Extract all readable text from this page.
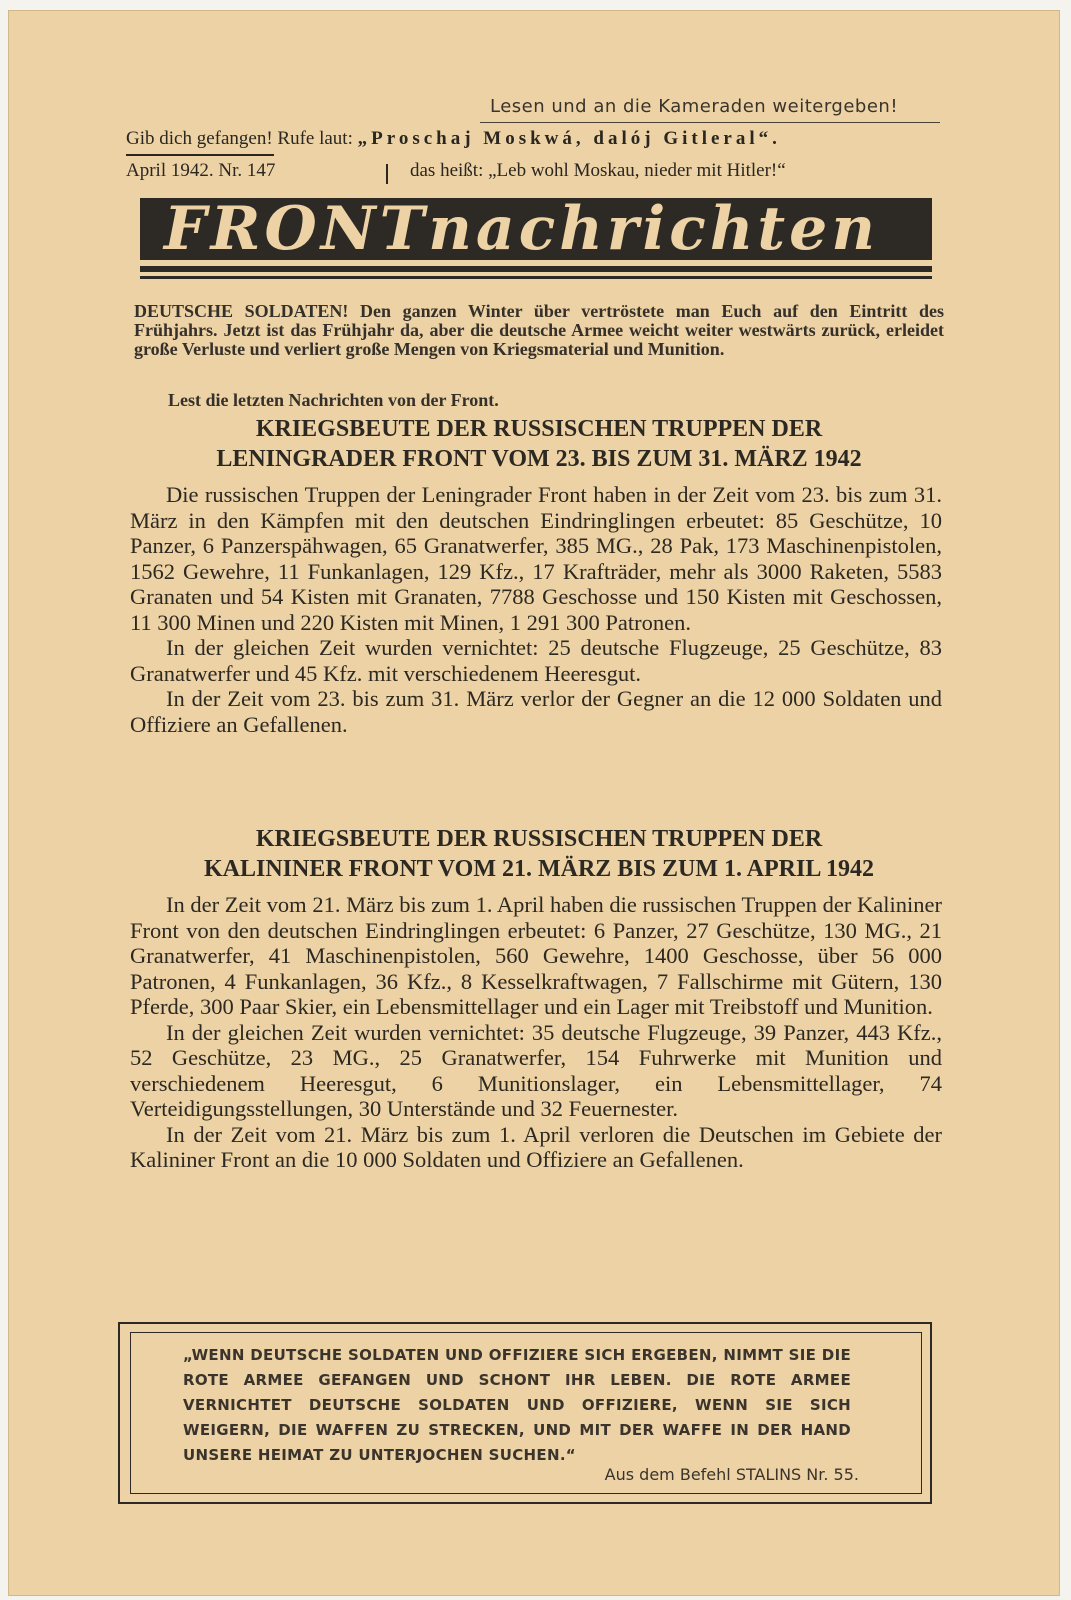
Lesen und an die Kameraden weitergeben!
Gib dich gefangen! Rufe laut: „Proschaj Moskwá, dalój Gitleral“.
April 1942. Nr. 147	das heißt: „Leb wohl Moskau, nieder mit Hitler!“
FRONTnachrichten
DEUTSCHE SOLDATEN! Den ganzen Winter über vertröstete man Euch auf den Eintritt des Frühjahrs. Jetzt ist das Frühjahr da, aber die deutsche Armee weicht weiter westwärts zurück, erleidet große Verluste und verliert große Mengen von Kriegsmaterial und Munition.
Lest die letzten Nachrichten von der Front.
KRIEGSBEUTE DER RUSSISCHEN TRUPPEN DER
LENINGRADER FRONT VOM 23. BIS ZUM 31. MÄRZ 1942

Die russischen Truppen der Leningrader Front haben in der Zeit vom 23. bis zum 31. März in den Kämpfen mit den deutschen Eindringlingen erbeutet: 85 Geschütze, 10 Panzer, 6 Panzerspähwagen, 65 Granatwerfer, 385 MG., 28 Pak, 173 Maschinenpistolen, 1562 Gewehre, 11 Funkanlagen, 129 Kfz., 17 Krafträder, mehr als 3000 Raketen, 5583 Granaten und 54 Kisten mit Granaten, 7788 Geschosse und 150 Kisten mit Geschossen, 11 300 Minen und 220 Kisten mit Minen, 1 291 300 Patronen.

In der gleichen Zeit wurden vernichtet: 25 deutsche Flugzeuge, 25 Geschütze, 83 Granatwerfer und 45 Kfz. mit verschiedenem Heeresgut.

In der Zeit vom 23. bis zum 31. März verlor der Gegner an die 12 000 Soldaten und Offiziere an Gefallenen.

KRIEGSBEUTE DER RUSSISCHEN TRUPPEN DER
KALININER FRONT VOM 21. MÄRZ BIS ZUM 1. APRIL 1942

In der Zeit vom 21. März bis zum 1. April haben die russischen Truppen der Kalininer Front von den deutschen Eindringlingen erbeutet: 6 Panzer, 27 Geschütze, 130 MG., 21 Granatwerfer, 41 Maschinenpistolen, 560 Gewehre, 1400 Geschosse, über 56 000 Patronen, 4 Funkanlagen, 36 Kfz., 8 Kesselkraftwagen, 7 Fallschirme mit Gütern, 130 Pferde, 300 Paar Skier, ein Lebensmittellager und ein Lager mit Treibstoff und Munition.

In der gleichen Zeit wurden vernichtet: 35 deutsche Flugzeuge, 39 Panzer, 443 Kfz., 52 Geschütze, 23 MG., 25 Granatwerfer, 154 Fuhrwerke mit Munition und verschiedenem Heeresgut, 6 Munitionslager, ein Lebensmittellager, 74 Verteidigungsstellungen, 30 Unterstände und 32 Feuernester.

In der Zeit vom 21. März bis zum 1. April verloren die Deutschen im Gebiete der Kalininer Front an die 10 000 Soldaten und Offiziere an Gefallenen.

„WENN DEUTSCHE SOLDATEN UND OFFIZIERE SICH ERGEBEN, NIMMT SIE DIE ROTE ARMEE GEFANGEN UND SCHONT IHR LEBEN. DIE ROTE ARMEE VERNICHTET DEUTSCHE SOLDATEN UND OFFIZIERE, WENN SIE SICH WEIGERN, DIE WAFFEN ZU STRECKEN, UND MIT DER WAFFE IN DER HAND UNSERE HEIMAT ZU UNTERJOCHEN SUCHEN.“
Aus dem Befehl STALINS Nr. 55.
